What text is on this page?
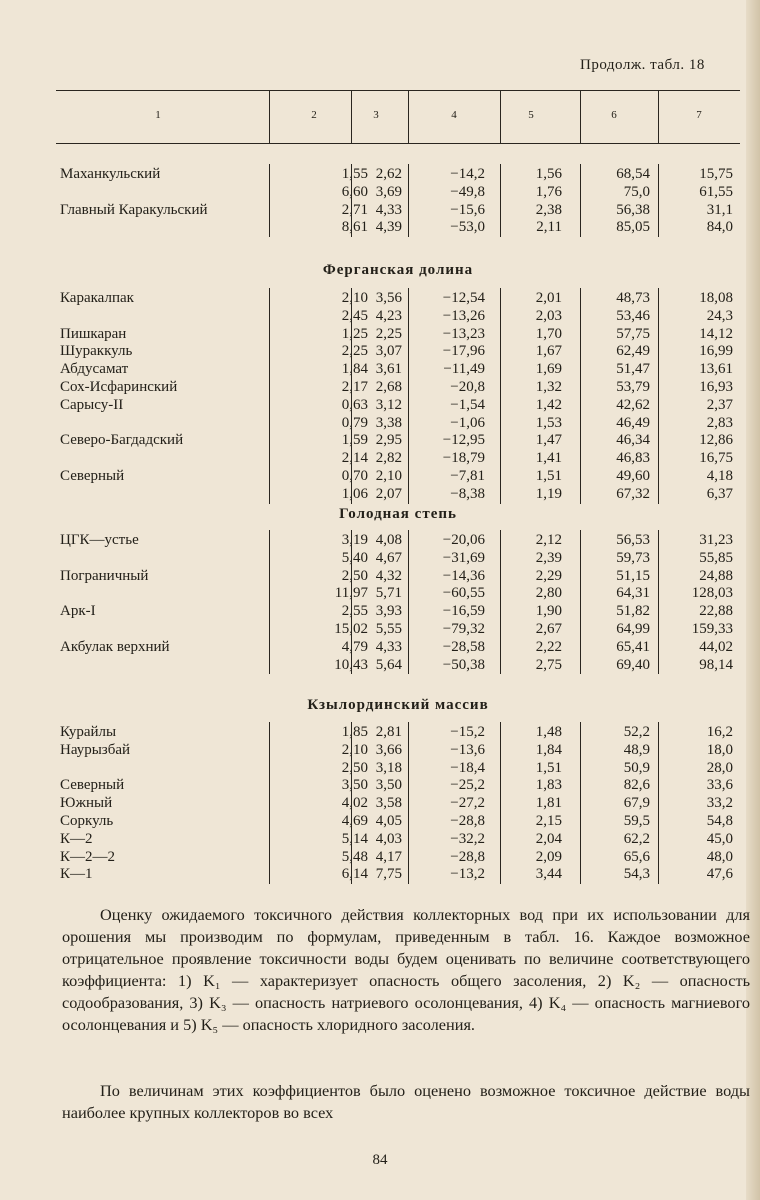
Продолж. табл. 18
1	2	3	4	5	6	7
Маханкульский	1,55 2,62	−14,2	1,56	68,54	15,75
6,60 3,69	−49,8	1,76	75,0	61,55
Главный Каракульский	2,71 4,33	−15,6	2,38	56,38	31,1
8,61 4,39	−53,0	2,11	85,05	84,0
Ферганская долина
Каракалпак	2,10 3,56	−12,54	2,01	48,73	18,08
2,45 4,23	−13,26	2,03	53,46	24,3
Пишкаран	1,25 2,25	−13,23	1,70	57,75	14,12
Шураккуль	2,25 3,07	−17,96	1,67	62,49	16,99
Абдусамат	1,84 3,61	−11,49	1,69	51,47	13,61
Сох-Исфаринский	2,17 2,68	−20,8	1,32	53,79	16,93
Сарысу-II	0,63 3,12	−1,54	1,42	42,62	2,37
0,79 3,38	−1,06	1,53	46,49	2,83
Северо-Багдадский	1,59 2,95	−12,95	1,47	46,34	12,86
2,14 2,82	−18,79	1,41	46,83	16,75
Северный	0,70 2,10	−7,81	1,51	49,60	4,18
1,06 2,07	−8,38	1,19	67,32	6,37
Голодная степь
ЦГК—устье	3,19 4,08	−20,06	2,12	56,53	31,23
5,40 4,67	−31,69	2,39	59,73	55,85
Пограничный	2,50 4,32	−14,36	2,29	51,15	24,88
11,97 5,71	−60,55	2,80	64,31	128,03
Арк-I	2,55 3,93	−16,59	1,90	51,82	22,88
15,02 5,55	−79,32	2,67	64,99	159,33
Акбулак верхний	4,79 4,33	−28,58	2,22	65,41	44,02
10,43 5,64	−50,38	2,75	69,40	98,14
Кзылординский массив
Курайлы	1,85 2,81	−15,2	1,48	52,2	16,2
Наурызбай	2,10 3,66	−13,6	1,84	48,9	18,0
2,50 3,18	−18,4	1,51	50,9	28,0
Северный	3,50 3,50	−25,2	1,83	82,6	33,6
Южный	4,02 3,58	−27,2	1,81	67,9	33,2
Соркуль	4,69 4,05	−28,8	2,15	59,5	54,8
К—2	5,14 4,03	−32,2	2,04	62,2	45,0
К—2—2	5,48 4,17	−28,8	2,09	65,6	48,0
К—1	6,14 7,75	−13,2	3,44	54,3	47,6

Оценку ожидаемого токсичного действия коллекторных вод при их использовании для орошения мы производим по формулам, приведенным в табл. 16. Каждое возможное отрицательное проявление токсичности воды будем оценивать по величине соответствующего коэффициента: 1) K₁ — характеризует опасность общего засоления, 2) K₂ — опасность содообразования, 3) K₃ — опасность натриевого осолонцевания, 4) K₄ — опасность магниевого осолонцевания и 5) K₅ — опасность хлоридного засоления.

По величинам этих коэффициентов было оценено возможное токсичное действие воды наиболее крупных коллекторов во всех

84
